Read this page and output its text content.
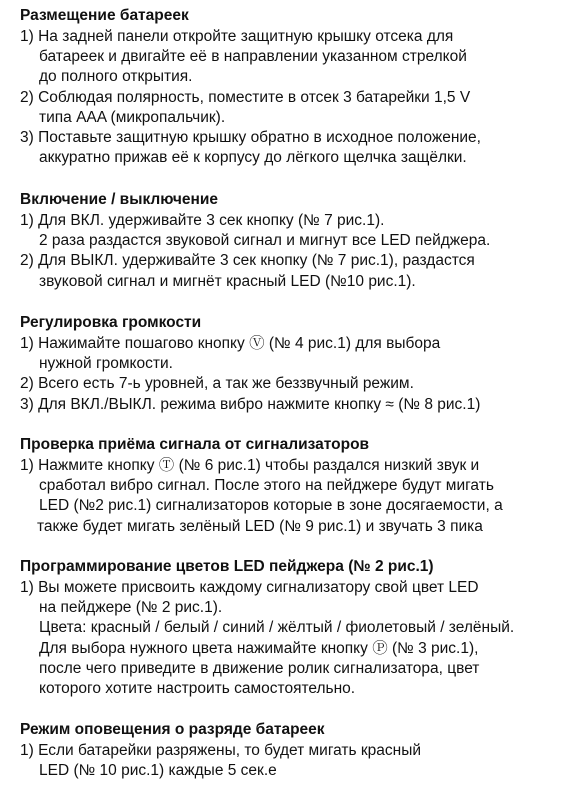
Размещение батареек
1) На задней панели откройте защитную крышку отсека для
батареек и двигайте её в направлении указанном стрелкой
до полного открытия.
2) Соблюдая полярность, поместите в отсек 3 батарейки 1,5 V
типа AAA (микропальчик).
3) Поставьте защитную крышку обратно в исходное положение,
аккуратно прижав её к корпусу до лёгкого щелчка защёлки.
Включение / выключение
1) Для ВКЛ. удерживайте 3 сек кнопку (№ 7 рис.1).
2 раза раздастся звуковой сигнал и мигнут все LED пейджера.
2) Для ВЫКЛ. удерживайте 3 сек кнопку (№ 7 рис.1), раздастся
звуковой сигнал и мигнёт красный LED (№10 рис.1).
Регулировка громкости
1) Нажимайте пошагово кнопку Ⓥ (№ 4 рис.1) для выбора
нужной громкости.
2) Всего есть 7-ь уровней, а так же беззвучный режим.
3) Для ВКЛ./ВЫКЛ. режима вибро нажмите кнопку ≈ (№ 8 рис.1)
Проверка приёма сигнала от сигнализаторов
1) Нажмите кнопку Ⓣ (№ 6 рис.1) чтобы раздался низкий звук и
сработал вибро сигнал. После этого на пейджере будут мигать
LED (№2 рис.1) сигнализаторов которые в зоне досягаемости, а
также будет мигать зелёный LED (№ 9 рис.1) и звучать 3 пика
Программирование цветов LED пейджера (№ 2 рис.1)
1) Вы можете присвоить каждому сигнализатору свой цвет LED
на пейджере (№ 2 рис.1).
Цвета: красный / белый / синий / жёлтый / фиолетовый / зелёный.
Для выбора нужного цвета нажимайте кнопку Ⓟ (№ 3 рис.1),
после чего приведите в движение ролик сигнализатора, цвет
которого хотите настроить самостоятельно.
Режим оповещения о разряде батареек
1) Если батарейки разряжены, то будет мигать красный
LED (№ 10 рис.1) каждые 5 сек.е
